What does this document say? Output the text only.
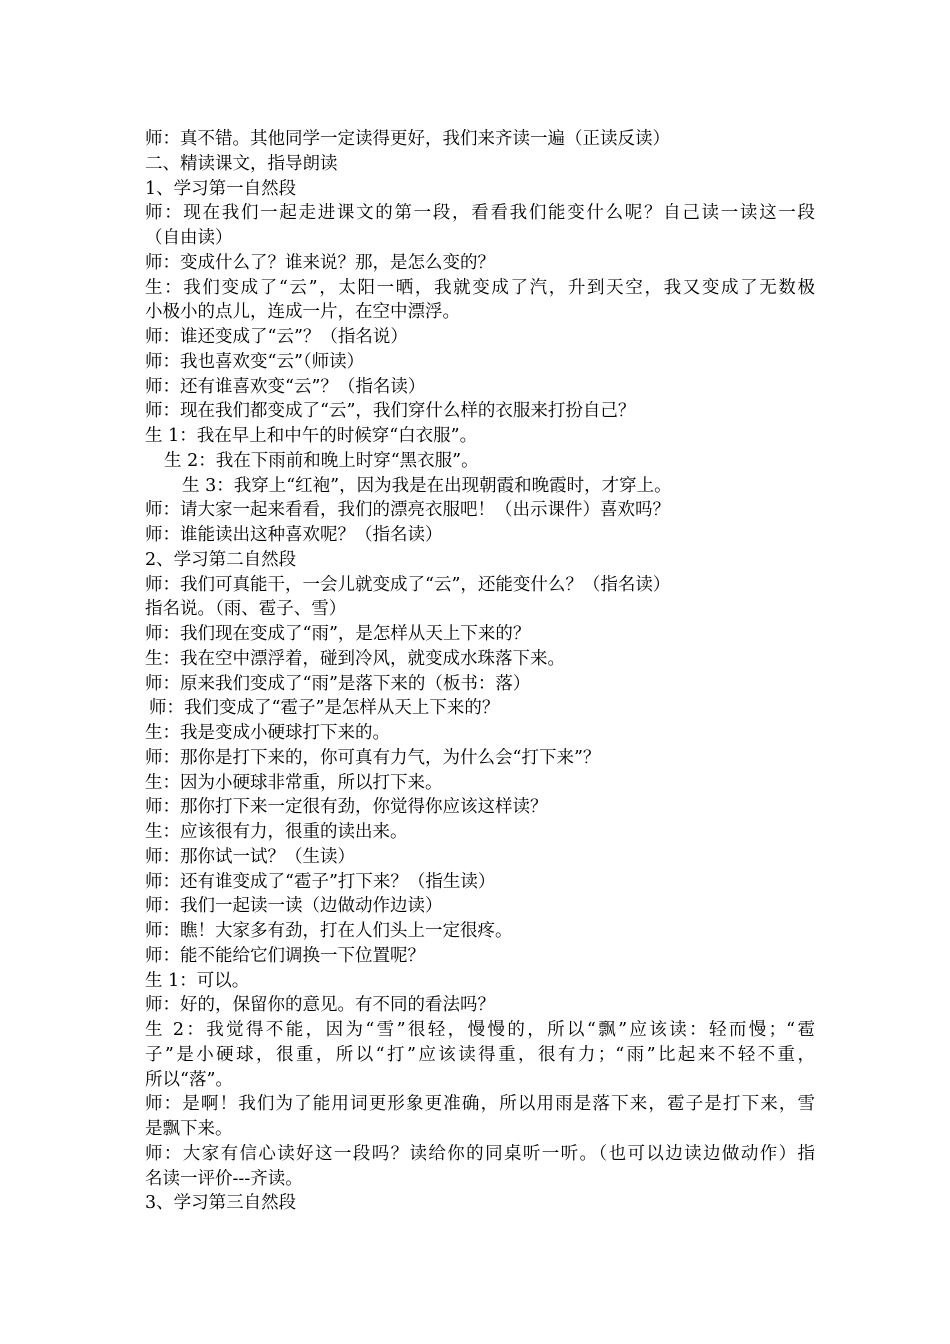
师：真不错。其他同学一定读得更好，我们来齐读一遍（正读反读）
二、精读课文，指导朗读
1、学习第一自然段
师：现在我们一起走进课文的第一段，看看我们能变什么呢？自己读一读这一段
（自由读）
师：变成什么了？谁来说？那，是怎么变的？
生：我们变成了“云”，太阳一晒，我就变成了汽，升到天空，我又变成了无数极
小极小的点儿，连成一片，在空中漂浮。
师：谁还变成了“云”？（指名说）
师：我也喜欢变“云”（师读）
师：还有谁喜欢变“云”？（指名读）
师：现在我们都变成了“云”，我们穿什么样的衣服来打扮自己？
生 1：我在早上和中午的时候穿“白衣服”。
生 2：我在下雨前和晚上时穿“黑衣服”。
生 3：我穿上“红袍”，因为我是在出现朝霞和晚霞时，才穿上。
师：请大家一起来看看，我们的漂亮衣服吧！（出示课件）喜欢吗？
师：谁能读出这种喜欢呢？（指名读）
2、学习第二自然段
师：我们可真能干，一会儿就变成了“云”，还能变什么？（指名读）
指名说。（雨、雹子、雪）
师：我们现在变成了“雨”，是怎样从天上下来的？
生：我在空中漂浮着，碰到冷风，就变成水珠落下来。
师：原来我们变成了“雨”是落下来的（板书：落）
师：我们变成了“雹子”是怎样从天上下来的？
生：我是变成小硬球打下来的。
师：那你是打下来的，你可真有力气，为什么会“打下来”？
生：因为小硬球非常重，所以打下来。
师：那你打下来一定很有劲，你觉得你应该这样读？
生：应该很有力，很重的读出来。
师：那你试一试？（生读）
师：还有谁变成了“雹子”打下来？（指生读）
师：我们一起读一读（边做动作边读）
师：瞧！大家多有劲，打在人们头上一定很疼。
师：能不能给它们调换一下位置呢？
生 1：可以。
师：好的，保留你的意见。有不同的看法吗？
生 2：我觉得不能，因为“雪”很轻，慢慢的，所以“飘”应该读：轻而慢；“雹
子”是小硬球，很重，所以“打”应该读得重，很有力；“雨”比起来不轻不重，
所以“落”。
师：是啊！我们为了能用词更形象更准确，所以用雨是落下来，雹子是打下来，雪
是飘下来。
师：大家有信心读好这一段吗？读给你的同桌听一听。（也可以边读边做动作）指
名读一评价---齐读。
3、学习第三自然段
